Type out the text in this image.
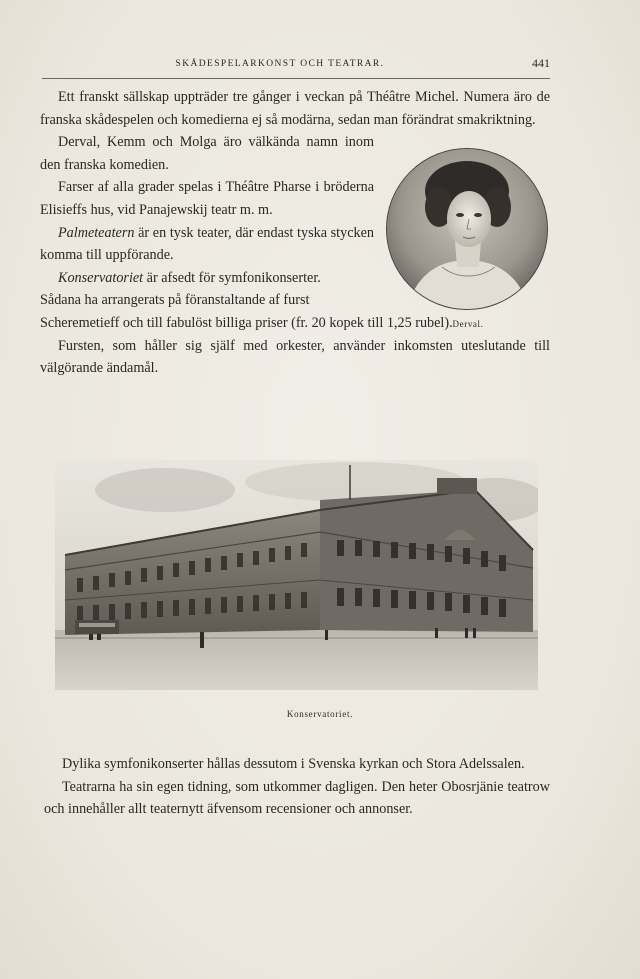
SKÅDESPELARKONST OCH TEATRAR.	441

Ett franskt sällskap uppträder tre gånger i veckan på Théâtre Michel. Numera äro de franska skådespelen och komedierna ej så modärna, sedan man förändrat smakriktning.

Derval, Kemm och Molga äro välkända namn inom den franska komedien.

Farser af alla grader spelas i Théâtre Pharse i bröderna Elisieffs hus, vid Panajewskij teatr m. m.

Palmeteatern är en tysk teater, där endast tyska stycken komma till uppförande.

Konservatoriet är afsedt för symfonikonserter.

Sådana ha arrangerats på föranstaltande af furst

Scheremetieff och till fabulöst billiga priser (fr. 20 kopek till 1,25 rubel).

Fursten, som håller sig själf med orkester, använder inkomsten uteslutande till välgörande ändamål.

Derval.
Konservatoriet.

Dylika symfonikonserter hållas dessutom i Svenska kyrkan och Stora Adelssalen.

Teatrarna ha sin egen tidning, som utkommer dagligen. Den heter Obosrjänie teatrow och innehåller allt teaternytt äfvensom recensioner och annonser.
